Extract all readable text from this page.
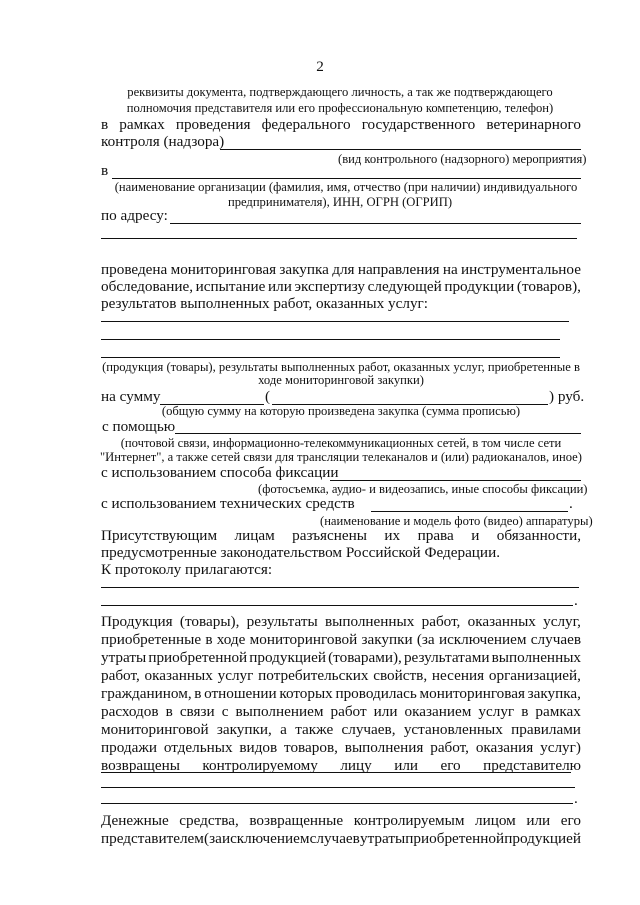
2
реквизиты документа, подтверждающего личность, а так же подтверждающего
полномочия представителя или его профессиональную компетенцию, телефон)
в рамках проведения федерального государственного ветеринарного
контроля (надзора)
(вид контрольного (надзорного) мероприятия)
в
(наименование организации (фамилия, имя, отчество (при наличии) индивидуального
предпринимателя), ИНН, ОГРН (ОГРИП)
по адресу:
проведена мониторинговая закупка для направления на инструментальное
обследование, испытание или экспертизу следующей продукции (товаров),
результатов выполненных работ, оказанных услуг:
(продукция (товары), результаты выполненных работ, оказанных услуг, приобретенные в
ходе мониторинговой закупки)
на сумму	(	) руб.
(общую сумму на которую произведена закупка (сумма прописью)
с помощью
(почтовой связи, информационно-телекоммуникационных сетей, в том числе сети
"Интернет", а также сетей связи для трансляции телеканалов и (или) радиоканалов, иное)
с использованием способа фиксации
(фотосъемка, аудио- и видеозапись, иные способы фиксации)
с использованием технических средств	.
(наименование и модель фото (видео) аппаратуры)
Присутствующим лицам разъяснены их права и обязанности,
предусмотренные законодательством Российской Федерации.
К протоколу прилагаются:
.
Продукция (товары), результаты выполненных работ, оказанных услуг,
приобретенные в ходе мониторинговой закупки (за исключением случаев
утраты приобретенной продукцией (товарами), результатами выполненных
работ, оказанных услуг потребительских свойств, несения организацией,
гражданином, в отношении которых проводилась мониторинговая закупка,
расходов в связи с выполнением работ или оказанием услуг в рамках
мониторинговой закупки, а также случаев, установленных правилами
продажи отдельных видов товаров, выполнения работ, оказания услуг)
возвращены контролируемому лицу или его представителю
.
Денежные средства, возвращенные контролируемым лицом или его
представителем (за исключением случаев утраты приобретенной продукцией
